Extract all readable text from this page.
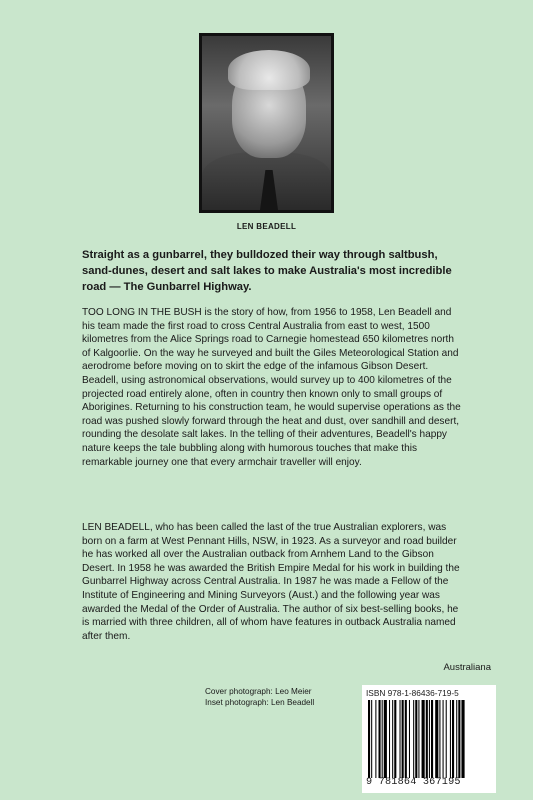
LEN BEADELL
Straight as a gunbarrel, they bulldozed their way through saltbush, sand-dunes, desert and salt lakes to make Australia's most incredible road — The Gunbarrel Highway.
TOO LONG IN THE BUSH is the story of how, from 1956 to 1958, Len Beadell and his team made the first road to cross Central Australia from east to west, 1500 kilometres from the Alice Springs road to Carnegie homestead 650 kilometres north of Kalgoorlie. On the way he surveyed and built the Giles Meteorological Station and aerodrome before moving on to skirt the edge of the infamous Gibson Desert. Beadell, using astronomical observations, would survey up to 400 kilometres of the projected road entirely alone, often in country then known only to small groups of Aborigines. Returning to his construction team, he would supervise operations as the road was pushed slowly forward through the heat and dust, over sandhill and desert, rounding the desolate salt lakes. In the telling of their adventures, Beadell's happy nature keeps the tale bubbling along with humorous touches that make this remarkable journey one that every armchair traveller will enjoy.
LEN BEADELL, who has been called the last of the true Australian explorers, was born on a farm at West Pennant Hills, NSW, in 1923. As a surveyor and road builder he has worked all over the Australian outback from Arnhem Land to the Gibson Desert. In 1958 he was awarded the British Empire Medal for his work in building the Gunbarrel Highway across Central Australia. In 1987 he was made a Fellow of the Institute of Engineering and Mining Surveyors (Aust.) and the following year was awarded the Medal of the Order of Australia. The author of six best-selling books, he is married with three children, all of whom have features in outback Australia named after them.
Australiana
Cover photograph: Leo Meier
Inset photograph: Len Beadell
ISBN 978-1-86436-719-5
9 781864 367195
